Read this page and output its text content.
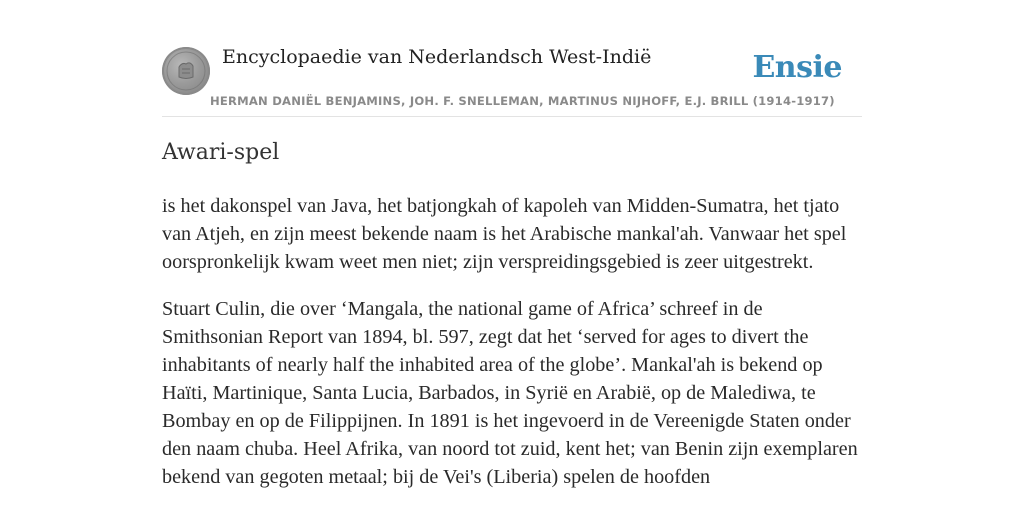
Encyclopaedie van Nederlandsch West-Indië	Ensie
HERMAN DANIËL BENJAMINS, JOH. F. SNELLEMAN, MARTINUS NIJHOFF, E.J. BRILL (1914-1917)
Awari-spel

is het dakonspel van Java, het batjongkah of kapoleh van Midden-Sumatra, het tjato van Atjeh, en zijn meest bekende naam is het Arabische mankal'ah. Vanwaar het spel oorspronkelijk kwam weet men niet; zijn verspreidingsgebied is zeer uitgestrekt.

Stuart Culin, die over ‘Mangala, the national game of Africa’ schreef in de Smithsonian Report van 1894, bl. 597, zegt dat het ‘served for ages to divert the inhabitants of nearly half the inhabited area of the globe’. Mankal'ah is bekend op Haïti, Martinique, Santa Lucia, Barbados, in Syrië en Arabië, op de Malediwa, te Bombay en op de Filippijnen. In 1891 is het ingevoerd in de Vereenigde Staten onder den naam chuba. Heel Afrika, van noord tot zuid, kent het; van Benin zijn exemplaren bekend van gegoten metaal; bij de Vei's (Liberia) spelen de hoofden
